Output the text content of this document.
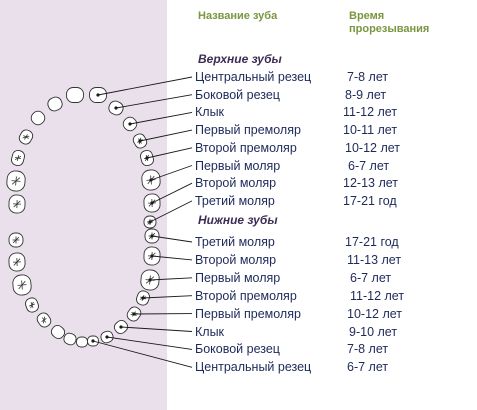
Название зуба	Время прорезывания
Верхние зубы
Нижние зубы
Центральный резец	7-8 лет
Боковой резец	8-9 лет
Клык	11-12 лет
Первый премоляр	10-11 лет
Второй премоляр	10-12 лет
Первый моляр	6-7 лет
Второй моляр	12-13 лет
Третий моляр	17-21 год
Третий моляр	17-21 год
Второй моляр	11-13 лет
Первый моляр	6-7 лет
Второй премоляр	11-12 лет
Первый премоляр	10-12 лет
Клык	9-10 лет
Боковой резец	7-8 лет
Центральный резец	6-7 лет
